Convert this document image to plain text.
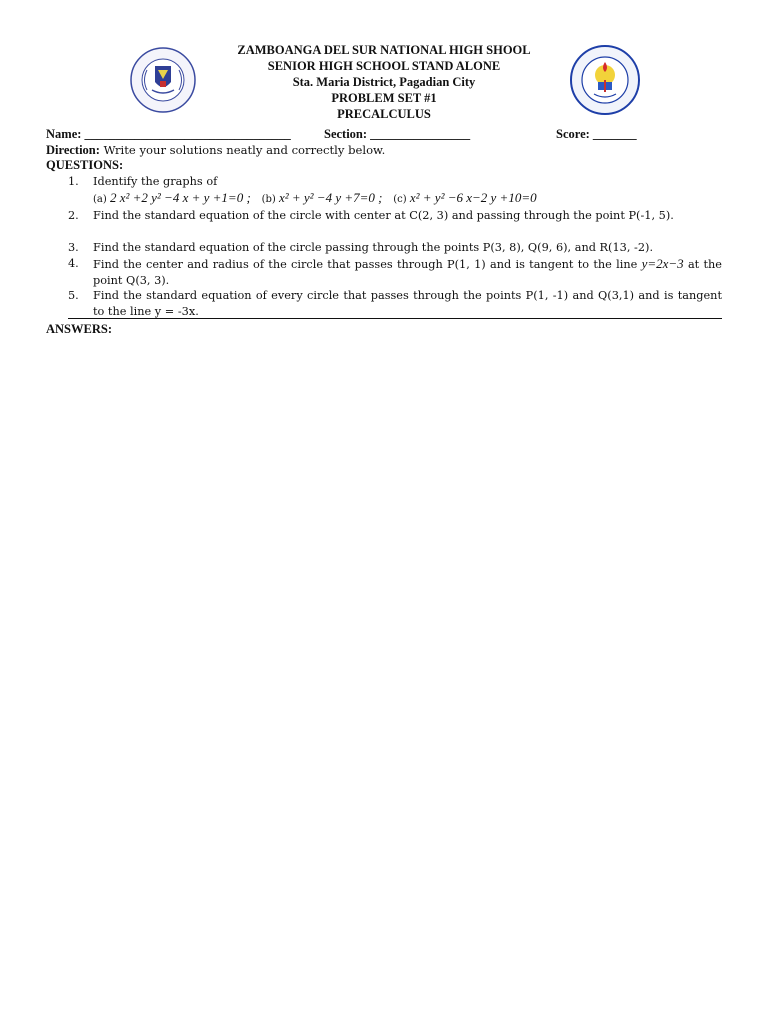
ZAMBOANGA DEL SUR NATIONAL HIGH SHOOL
SENIOR HIGH SCHOOL STAND ALONE
Sta. Maria District, Pagadian City
PROBLEM SET #1
PRECALCULUS
Name: _________________________________	Section: ________________	Score: _______
Direction: Write your solutions neatly and correctly below.
QUESTIONS:
1. Identify the graphs of
(a) 2 x² +2 y² −4 x + y +1=0 ; (b) x² + y² −4 y +7=0 ; (c) x² + y² −6 x−2 y +10=0
2. Find the standard equation of the circle with center at C(2, 3) and passing through the point P(-1, 5).
3. Find the standard equation of the circle passing through the points P(3, 8), Q(9, 6), and R(13, -2).
4. Find the center and radius of the circle that passes through P(1, 1) and is tangent to the line y=2x−3 at the point Q(3, 3).
5. Find the standard equation of every circle that passes through the points P(1, -1) and Q(3,1) and is tangent to the line y = -3x.
ANSWERS:
